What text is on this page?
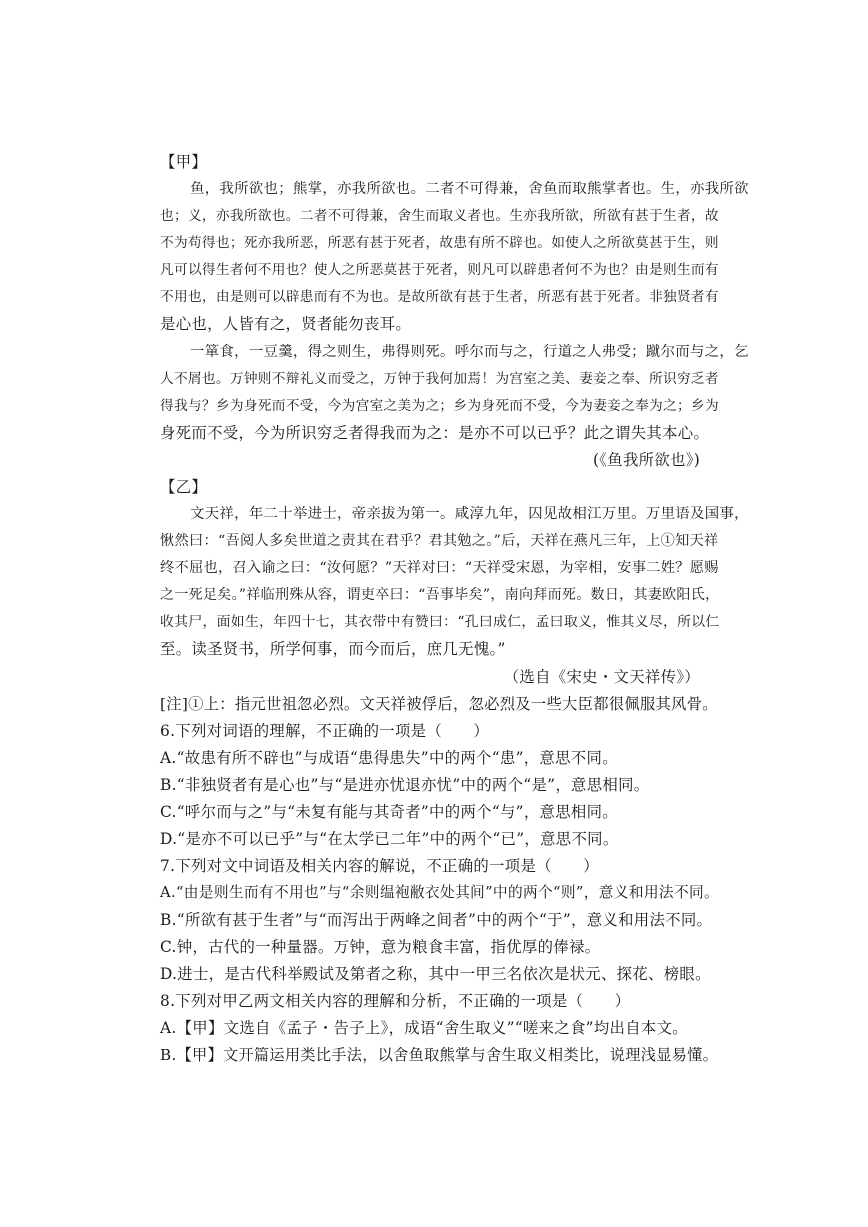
【甲】
鱼，我所欲也；熊掌，亦我所欲也。二者不可得兼，舍鱼而取熊掌者也。生，亦我所欲
也；义，亦我所欲也。二者不可得兼，舍生而取义者也。生亦我所欲，所欲有甚于生者，故
不为苟得也；死亦我所恶，所恶有甚于死者，故患有所不辟也。如使人之所欲莫甚于生，则
凡可以得生者何不用也？使人之所恶莫甚于死者，则凡可以辟患者何不为也？由是则生而有
不用也，由是则可以辟患而有不为也。是故所欲有甚于生者，所恶有甚于死者。非独贤者有
是心也，人皆有之，贤者能勿丧耳。
一箪食，一豆羹，得之则生，弗得则死。呼尔而与之，行道之人弗受；蹴尔而与之，乞
人不屑也。万钟则不辩礼义而受之，万钟于我何加焉！为宫室之美、妻妾之奉、所识穷乏者
得我与？乡为身死而不受，今为宫室之美为之；乡为身死而不受，今为妻妾之奉为之；乡为
身死而不受，今为所识穷乏者得我而为之：是亦不可以已乎？此之谓失其本心。
(《鱼我所欲也》)
【乙】
文天祥，年二十举进士，帝亲拔为第一。咸淳九年，囚见故相江万里。万里语及国事，
愀然曰：“吾阅人多矣世道之责其在君乎？君其勉之。”后，天祥在燕凡三年，上①知天祥
终不屈也，召入谕之曰：“汝何愿？”天祥对曰：“天祥受宋恩，为宰相，安事二姓？愿赐
之一死足矣。”祥临刑殊从容，谓吏卒曰：“吾事毕矣”，南向拜而死。数日，其妻欧阳氏，
收其尸，面如生，年四十七，其衣带中有赞曰：“孔曰成仁，孟曰取义，惟其义尽，所以仁
至。读圣贤书，所学何事，而今而后，庶几无愧。”
（选自《宋史・文天祥传》）
[注]①上：指元世祖忽必烈。文天祥被俘后，忽必烈及一些大臣都很佩服其风骨。
6.下列对词语的理解，不正确的一项是（　　）
A.“故患有所不辟也”与成语“患得患失”中的两个“患”，意思不同。
B.“非独贤者有是心也”与“是进亦忧退亦忧”中的两个“是”，意思相同。
C.“呼尔而与之”与“未复有能与其奇者”中的两个“与”，意思相同。
D.“是亦不可以已乎”与“在太学已二年”中的两个“已”，意思不同。
7.下列对文中词语及相关内容的解说，不正确的一项是（　　）
A.“由是则生而有不用也”与“余则缊袍敝衣处其间”中的两个“则”，意义和用法不同。
B.“所欲有甚于生者”与“而泻出于两峰之间者”中的两个“于”，意义和用法不同。
C.钟，古代的一种量器。万钟，意为粮食丰富，指优厚的俸禄。
D.进士，是古代科举殿试及第者之称，其中一甲三名依次是状元、探花、榜眼。
8.下列对甲乙两文相关内容的理解和分析，不正确的一项是（　　）
A.【甲】文选自《孟子・告子上》，成语“舍生取义”“嗟来之食”均出自本文。
B.【甲】文开篇运用类比手法，以舍鱼取熊掌与舍生取义相类比，说理浅显易懂。
